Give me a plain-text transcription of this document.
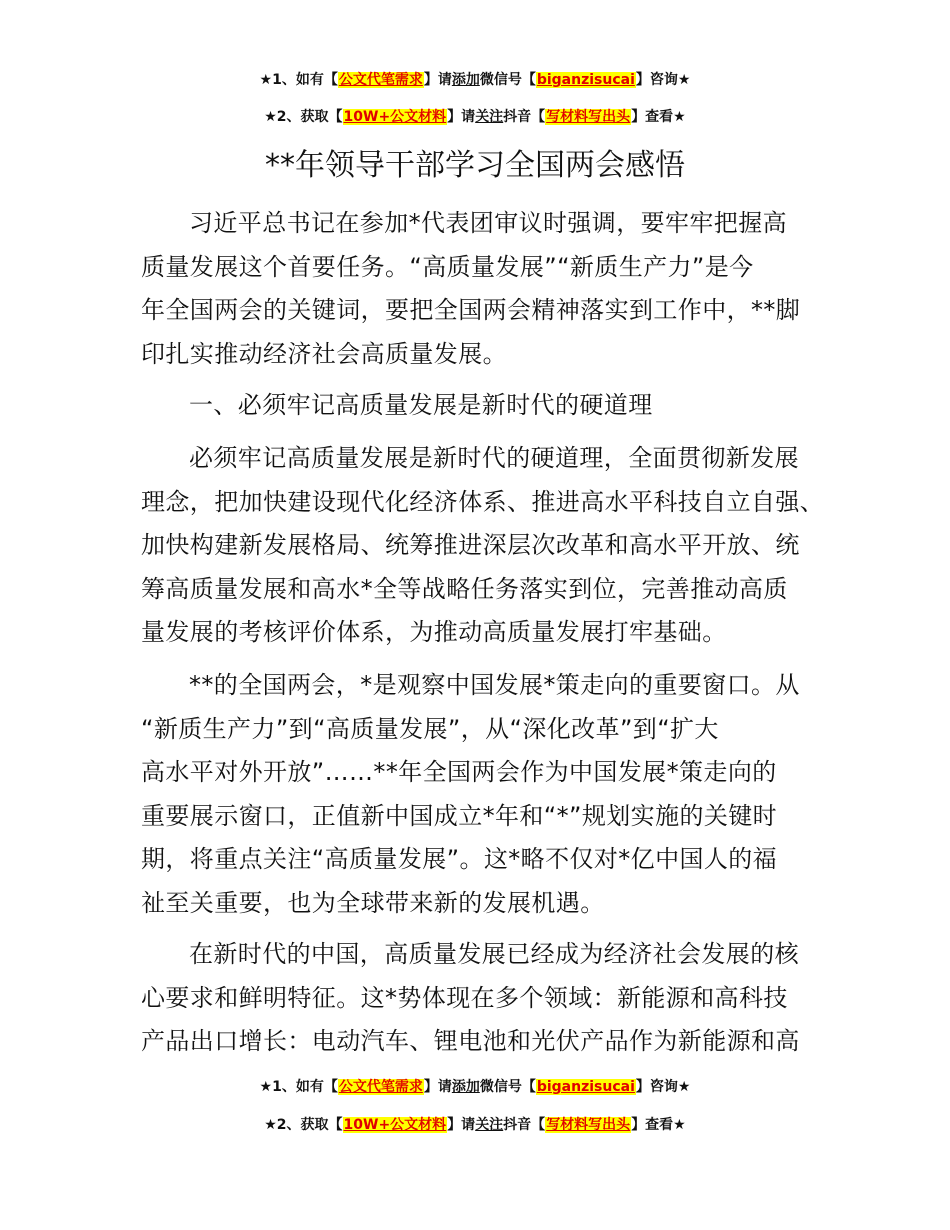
★1、如有【公文代笔需求】请添加微信号【biganzisucai】咨询★
★2、获取【10W+公文材料】请关注抖音【写材料写出头】查看★
**年领导干部学习全国两会感悟
习近平总书记在参加*代表团审议时强调，要牢牢把握高
质量发展这个首要任务。“高质量发展”“新质生产力”是今
年全国两会的关键词，要把全国两会精神落实到工作中，**脚
印扎实推动经济社会高质量发展。
一、必须牢记高质量发展是新时代的硬道理
必须牢记高质量发展是新时代的硬道理，全面贯彻新发展
理念，把加快建设现代化经济体系、推进高水平科技自立自强、
加快构建新发展格局、统筹推进深层次改革和高水平开放、统
筹高质量发展和高水*全等战略任务落实到位，完善推动高质
量发展的考核评价体系，为推动高质量发展打牢基础。
**的全国两会，*是观察中国发展*策走向的重要窗口。从
“新质生产力”到“高质量发展”，从“深化改革”到“扩大
高水平对外开放”……**年全国两会作为中国发展*策走向的
重要展示窗口，正值新中国成立*年和“*”规划实施的关键时
期，将重点关注“高质量发展”。这*略不仅对*亿中国人的福
祉至关重要，也为全球带来新的发展机遇。
在新时代的中国，高质量发展已经成为经济社会发展的核
心要求和鲜明特征。这*势体现在多个领域：新能源和高科技
产品出口增长：电动汽车、锂电池和光伏产品作为新能源和高
★1、如有【公文代笔需求】请添加微信号【biganzisucai】咨询★
★2、获取【10W+公文材料】请关注抖音【写材料写出头】查看★
